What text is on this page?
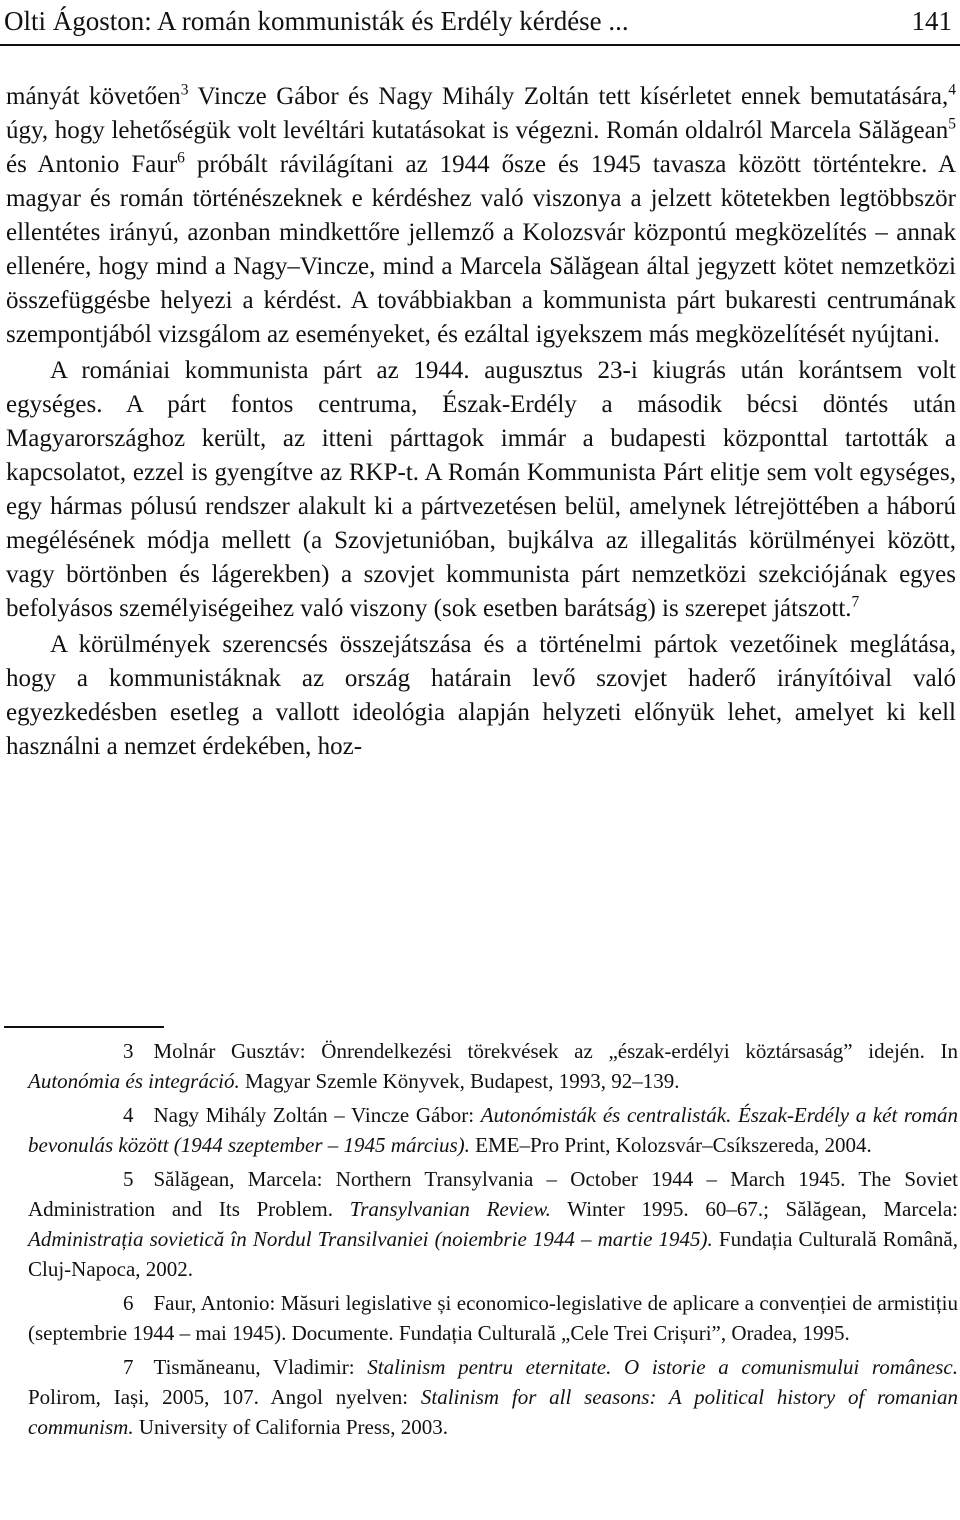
Olti Ágoston: A román kommunisták és Erdély kérdése ...	141

mányát követően$^3$ Vincze Gábor és Nagy Mihály Zoltán tett kísérletet ennek bemutatására,$^4$ úgy, hogy lehetőségük volt levéltári kutatásokat is végezni. Román oldalról Marcela Sălăgean$^5$ és Antonio Faur$^6$ próbált rávilágítani az 1944 ősze és 1945 tavasza között történtekre. A magyar és román történészeknek e kérdéshez való viszonya a jelzett kötetekben legtöbbször ellentétes irányú, azonban mindkettőre jellemző a Kolozsvár központú megközelítés – annak ellenére, hogy mind a Nagy–Vincze, mind a Marcela Sălăgean által jegyzett kötet nemzetközi összefüggésbe helyezi a kérdést. A továbbiakban a kommunista párt bukaresti centrumának szempontjából vizsgálom az eseményeket, és ezáltal igyekszem más megközelítését nyújtani.

A romániai kommunista párt az 1944. augusztus 23-i kiugrás után korántsem volt egységes. A párt fontos centruma, Észak-Erdély a második bécsi döntés után Magyarországhoz került, az itteni párttagok immár a budapesti központtal tartották a kapcsolatot, ezzel is gyengítve az RKP-t. A Román Kommunista Párt elitje sem volt egységes, egy hármas pólusú rendszer alakult ki a pártvezetésen belül, amelynek létrejöttében a háború megélésének módja mellett (a Szovjetunióban, bujkálva az illegalitás körülményei között, vagy börtönben és lágerekben) a szovjet kommunista párt nemzetközi szekciójának egyes befolyásos személyiségeihez való viszony (sok esetben barátság) is szerepet játszott.$^7$

A körülmények szerencsés összejátszása és a történelmi pártok vezetőinek meglátása, hogy a kommunistáknak az ország határain levő szovjet haderő irányítóival való egyezkedésben esetleg a vallott ideológia alapján helyzeti előnyük lehet, amelyet ki kell használni a nemzet érdekében, hoz-

3 Molnár Gusztáv: Önrendelkezési törekvések az „észak-erdélyi köztársaság” idején. In Autonómia és integráció. Magyar Szemle Könyvek, Budapest, 1993, 92–139.

4 Nagy Mihály Zoltán – Vincze Gábor: Autonómisták és centralisták. Észak-Erdély a két román bevonulás között (1944 szeptember – 1945 március). EME–Pro Print, Kolozsvár–Csíkszereda, 2004.

5 Sălăgean, Marcela: Northern Transylvania – October 1944 – March 1945. The Soviet Administration and Its Problem. Transylvanian Review. Winter 1995. 60–67.; Sălăgean, Marcela: Administrația sovietică în Nordul Transilvaniei (noiembrie 1944 – martie 1945). Fundația Culturală Română, Cluj-Napoca, 2002.

6 Faur, Antonio: Măsuri legislative și economico-legislative de aplicare a convenției de armistițiu (septembrie 1944 – mai 1945). Documente. Fundația Culturală „Cele Trei Crișuri”, Oradea, 1995.

7 Tismăneanu, Vladimir: Stalinism pentru eternitate. O istorie a comunismului românesc. Polirom, Iași, 2005, 107. Angol nyelven: Stalinism for all seasons: A political history of romanian communism. University of California Press, 2003.
